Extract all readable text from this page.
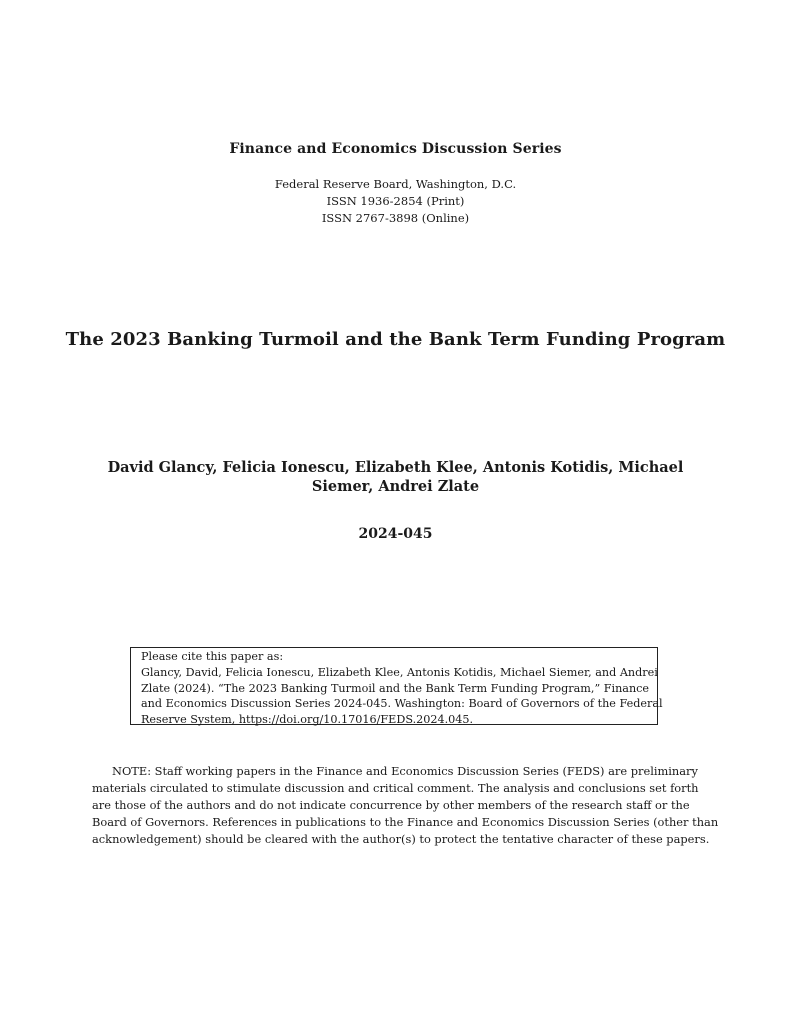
Finance and Economics Discussion Series
Federal Reserve Board, Washington, D.C.
ISSN 1936-2854 (Print)
ISSN 2767-3898 (Online)
The 2023 Banking Turmoil and the Bank Term Funding Program
David Glancy, Felicia Ionescu, Elizabeth Klee, Antonis Kotidis, Michael
Siemer, Andrei Zlate
2024-045
Please cite this paper as:
Glancy, David, Felicia Ionescu, Elizabeth Klee, Antonis Kotidis, Michael Siemer, and Andrei
Zlate (2024). “The 2023 Banking Turmoil and the Bank Term Funding Program,” Finance
and Economics Discussion Series 2024-045. Washington: Board of Governors of the Federal
Reserve System, https://doi.org/10.17016/FEDS.2024.045.
NOTE: Staff working papers in the Finance and Economics Discussion Series (FEDS) are preliminary
materials circulated to stimulate discussion and critical comment. The analysis and conclusions set forth
are those of the authors and do not indicate concurrence by other members of the research staff or the
Board of Governors. References in publications to the Finance and Economics Discussion Series (other than
acknowledgement) should be cleared with the author(s) to protect the tentative character of these papers.
